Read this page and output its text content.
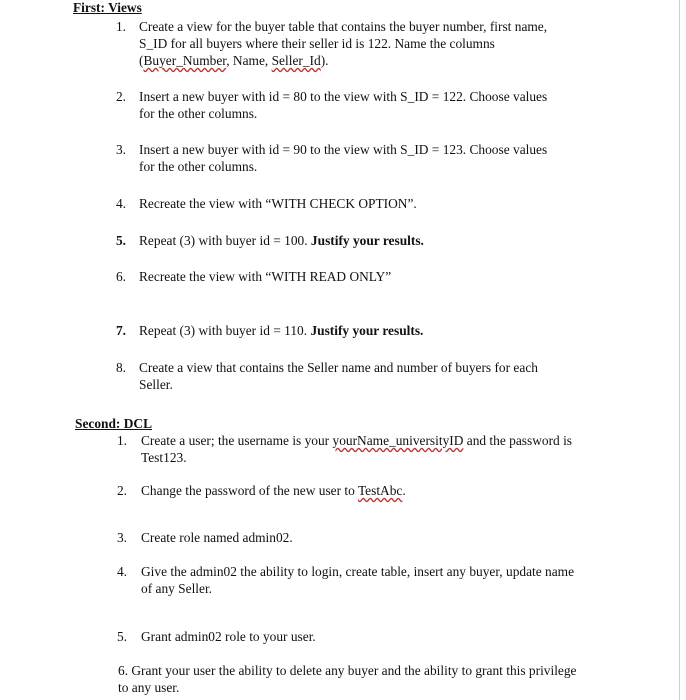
First: Views
1. Create a view for the buyer table that contains the buyer number, first name,
S_ID for all buyers where their seller id is 122. Name the columns
(Buyer_Number, Name, Seller_Id).
2. Insert a new buyer with id = 80 to the view with S_ID = 122. Choose values
for the other columns.
3. Insert a new buyer with id = 90 to the view with S_ID = 123. Choose values
for the other columns.
4. Recreate the view with “WITH CHECK OPTION”.
5. Repeat (3) with buyer id = 100. Justify your results.
6. Recreate the view with “WITH READ ONLY”
7. Repeat (3) with buyer id = 110. Justify your results.
8. Create a view that contains the Seller name and number of buyers for each
Seller.
Second: DCL
1. Create a user; the username is your yourName_universityID and the password is
Test123.
2. Change the password of the new user to TestAbc.
3. Create role named admin02.
4. Give the admin02 the ability to login, create table, insert any buyer, update name
of any Seller.
5. Grant admin02 role to your user.
6. Grant your user the ability to delete any buyer and the ability to grant this privilege
to any user.
